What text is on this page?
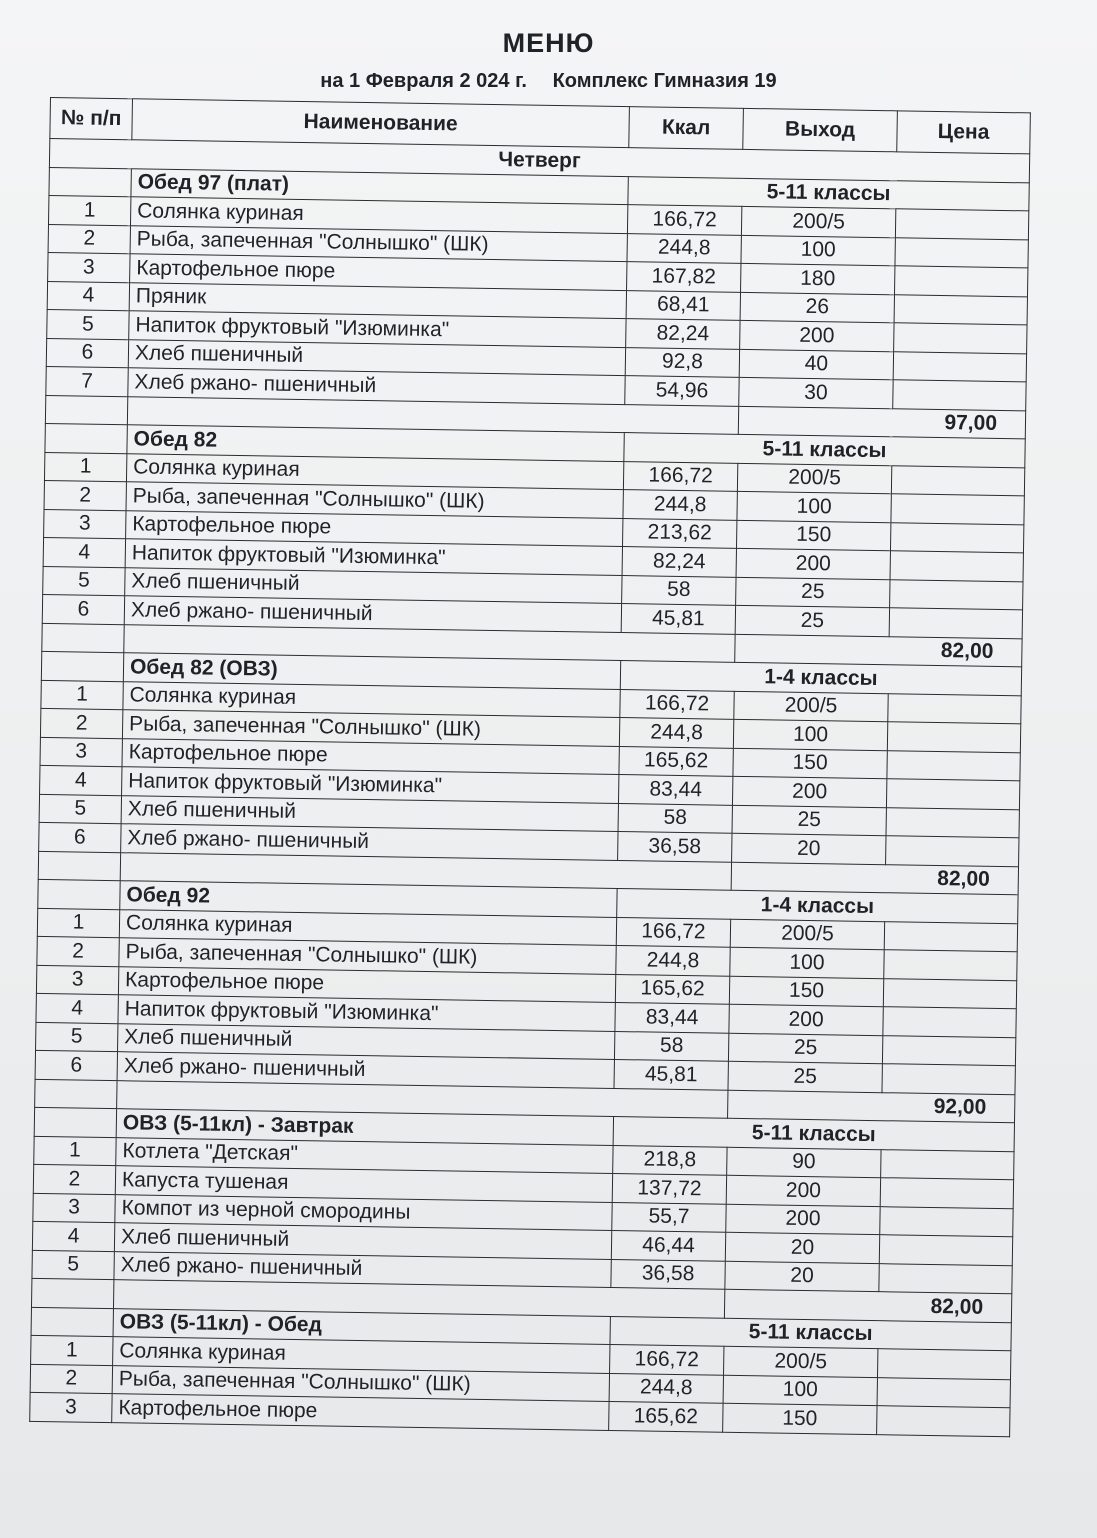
МЕНЮ
на 1 Февраля 2 024 г. Комплекс Гимназия 19
№ п/п	Наименование	Ккал	Выход	Цена
Четверг				
	Обед 97 (плат)	5-11 классы		
1	Солянка куриная	166,72	200/5	
2	Рыба, запеченная "Солнышко" (ШК)	244,8	100	
3	Картофельное пюре	167,82	180	
4	Пряник	68,41	26	
5	Напиток фруктовый "Изюминка"	82,24	200	
6	Хлеб пшеничный	92,8	40	
7	Хлеб ржано- пшеничный	54,96	30	
			97,00	
	Обед 82	5-11 классы		
1	Солянка куриная	166,72	200/5	
2	Рыба, запеченная "Солнышко" (ШК)	244,8	100	
3	Картофельное пюре	213,62	150	
4	Напиток фруктовый "Изюминка"	82,24	200	
5	Хлеб пшеничный	58	25	
6	Хлеб ржано- пшеничный	45,81	25	
			82,00	
	Обед 82 (ОВЗ)	1-4 классы		
1	Солянка куриная	166,72	200/5	
2	Рыба, запеченная "Солнышко" (ШК)	244,8	100	
3	Картофельное пюре	165,62	150	
4	Напиток фруктовый "Изюминка"	83,44	200	
5	Хлеб пшеничный	58	25	
6	Хлеб ржано- пшеничный	36,58	20	
			82,00	
	Обед 92	1-4 классы		
1	Солянка куриная	166,72	200/5	
2	Рыба, запеченная "Солнышко" (ШК)	244,8	100	
3	Картофельное пюре	165,62	150	
4	Напиток фруктовый "Изюминка"	83,44	200	
5	Хлеб пшеничный	58	25	
6	Хлеб ржано- пшеничный	45,81	25	
			92,00	
	ОВЗ (5-11кл) - Завтрак	5-11 классы		
1	Котлета "Детская"	218,8	90	
2	Капуста тушеная	137,72	200	
3	Компот из черной смородины	55,7	200	
4	Хлеб пшеничный	46,44	20	
5	Хлеб ржано- пшеничный	36,58	20	
			82,00	
	ОВЗ (5-11кл) - Обед	5-11 классы		
1	Солянка куриная	166,72	200/5	
2	Рыба, запеченная "Солнышко" (ШК)	244,8	100	
3	Картофельное пюре	165,62	150	
